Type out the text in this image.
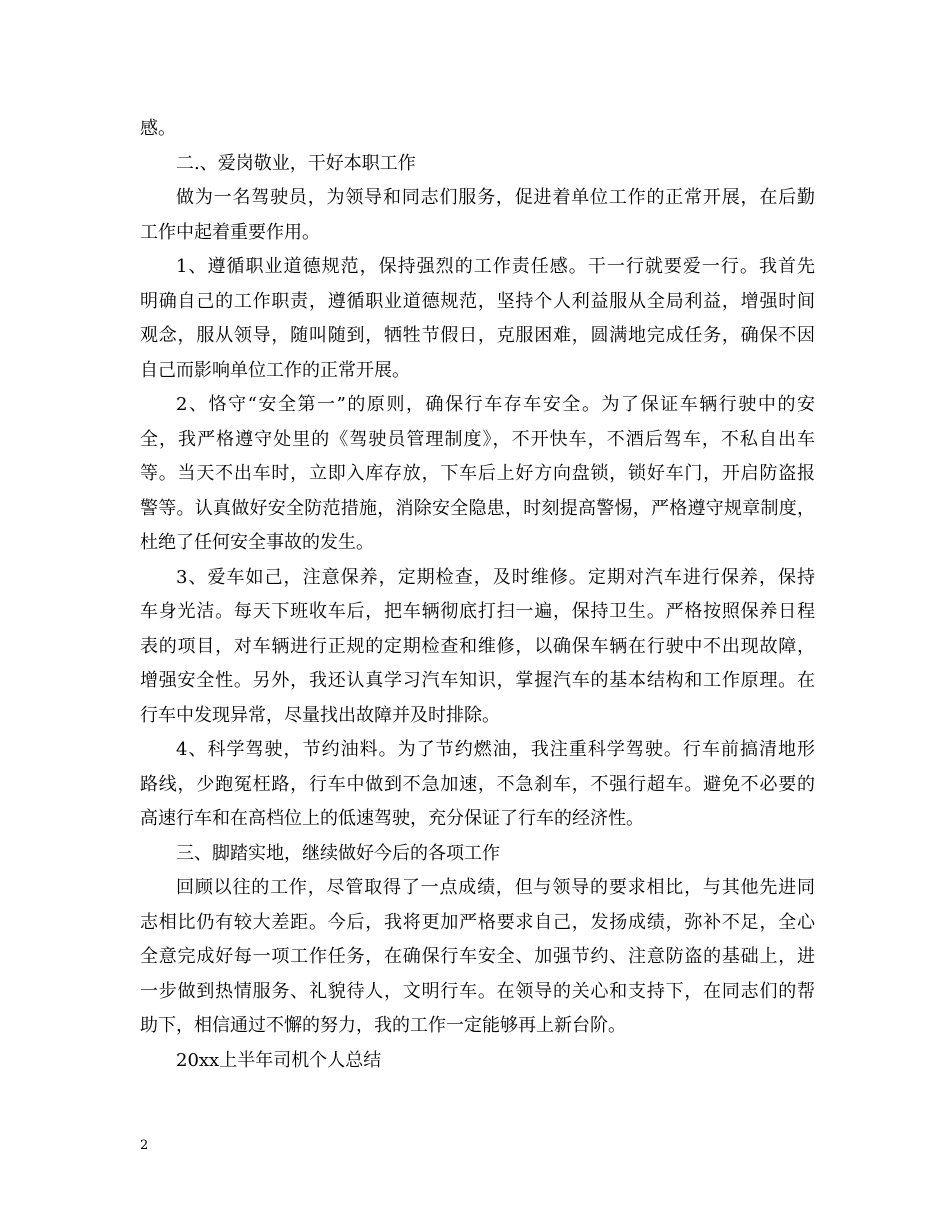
感。
二.、爱岗敬业，干好本职工作
做为一名驾驶员，为领导和同志们服务，促进着单位工作的正常开展，在后勤
工作中起着重要作用。
1、遵循职业道德规范，保持强烈的工作责任感。干一行就要爱一行。我首先
明确自己的工作职责，遵循职业道德规范，坚持个人利益服从全局利益，增强时间
观念，服从领导，随叫随到，牺牲节假日，克服困难，圆满地完成任务，确保不因
自己而影响单位工作的正常开展。
2、恪守“安全第一”的原则，确保行车存车安全。为了保证车辆行驶中的安
全，我严格遵守处里的《驾驶员管理制度》，不开快车，不酒后驾车，不私自出车
等。当天不出车时，立即入库存放，下车后上好方向盘锁，锁好车门，开启防盗报
警等。认真做好安全防范措施，消除安全隐患，时刻提高警惕，严格遵守规章制度，
杜绝了任何安全事故的发生。
3、爱车如己，注意保养，定期检查，及时维修。定期对汽车进行保养，保持
车身光洁。每天下班收车后，把车辆彻底打扫一遍，保持卫生。严格按照保养日程
表的项目，对车辆进行正规的定期检查和维修，以确保车辆在行驶中不出现故障，
增强安全性。另外，我还认真学习汽车知识，掌握汽车的基本结构和工作原理。在
行车中发现异常，尽量找出故障并及时排除。
4、科学驾驶，节约油料。为了节约燃油，我注重科学驾驶。行车前搞清地形
路线，少跑冤枉路，行车中做到不急加速，不急刹车，不强行超车。避免不必要的
高速行车和在高档位上的低速驾驶，充分保证了行车的经济性。
三、脚踏实地，继续做好今后的各项工作
回顾以往的工作，尽管取得了一点成绩，但与领导的要求相比，与其他先进同
志相比仍有较大差距。今后，我将更加严格要求自己，发扬成绩，弥补不足，全心
全意完成好每一项工作任务，在确保行车安全、加强节约、注意防盗的基础上，进
一步做到热情服务、礼貌待人，文明行车。在领导的关心和支持下，在同志们的帮
助下，相信通过不懈的努力，我的工作一定能够再上新台阶。
20xx上半年司机个人总结
2
